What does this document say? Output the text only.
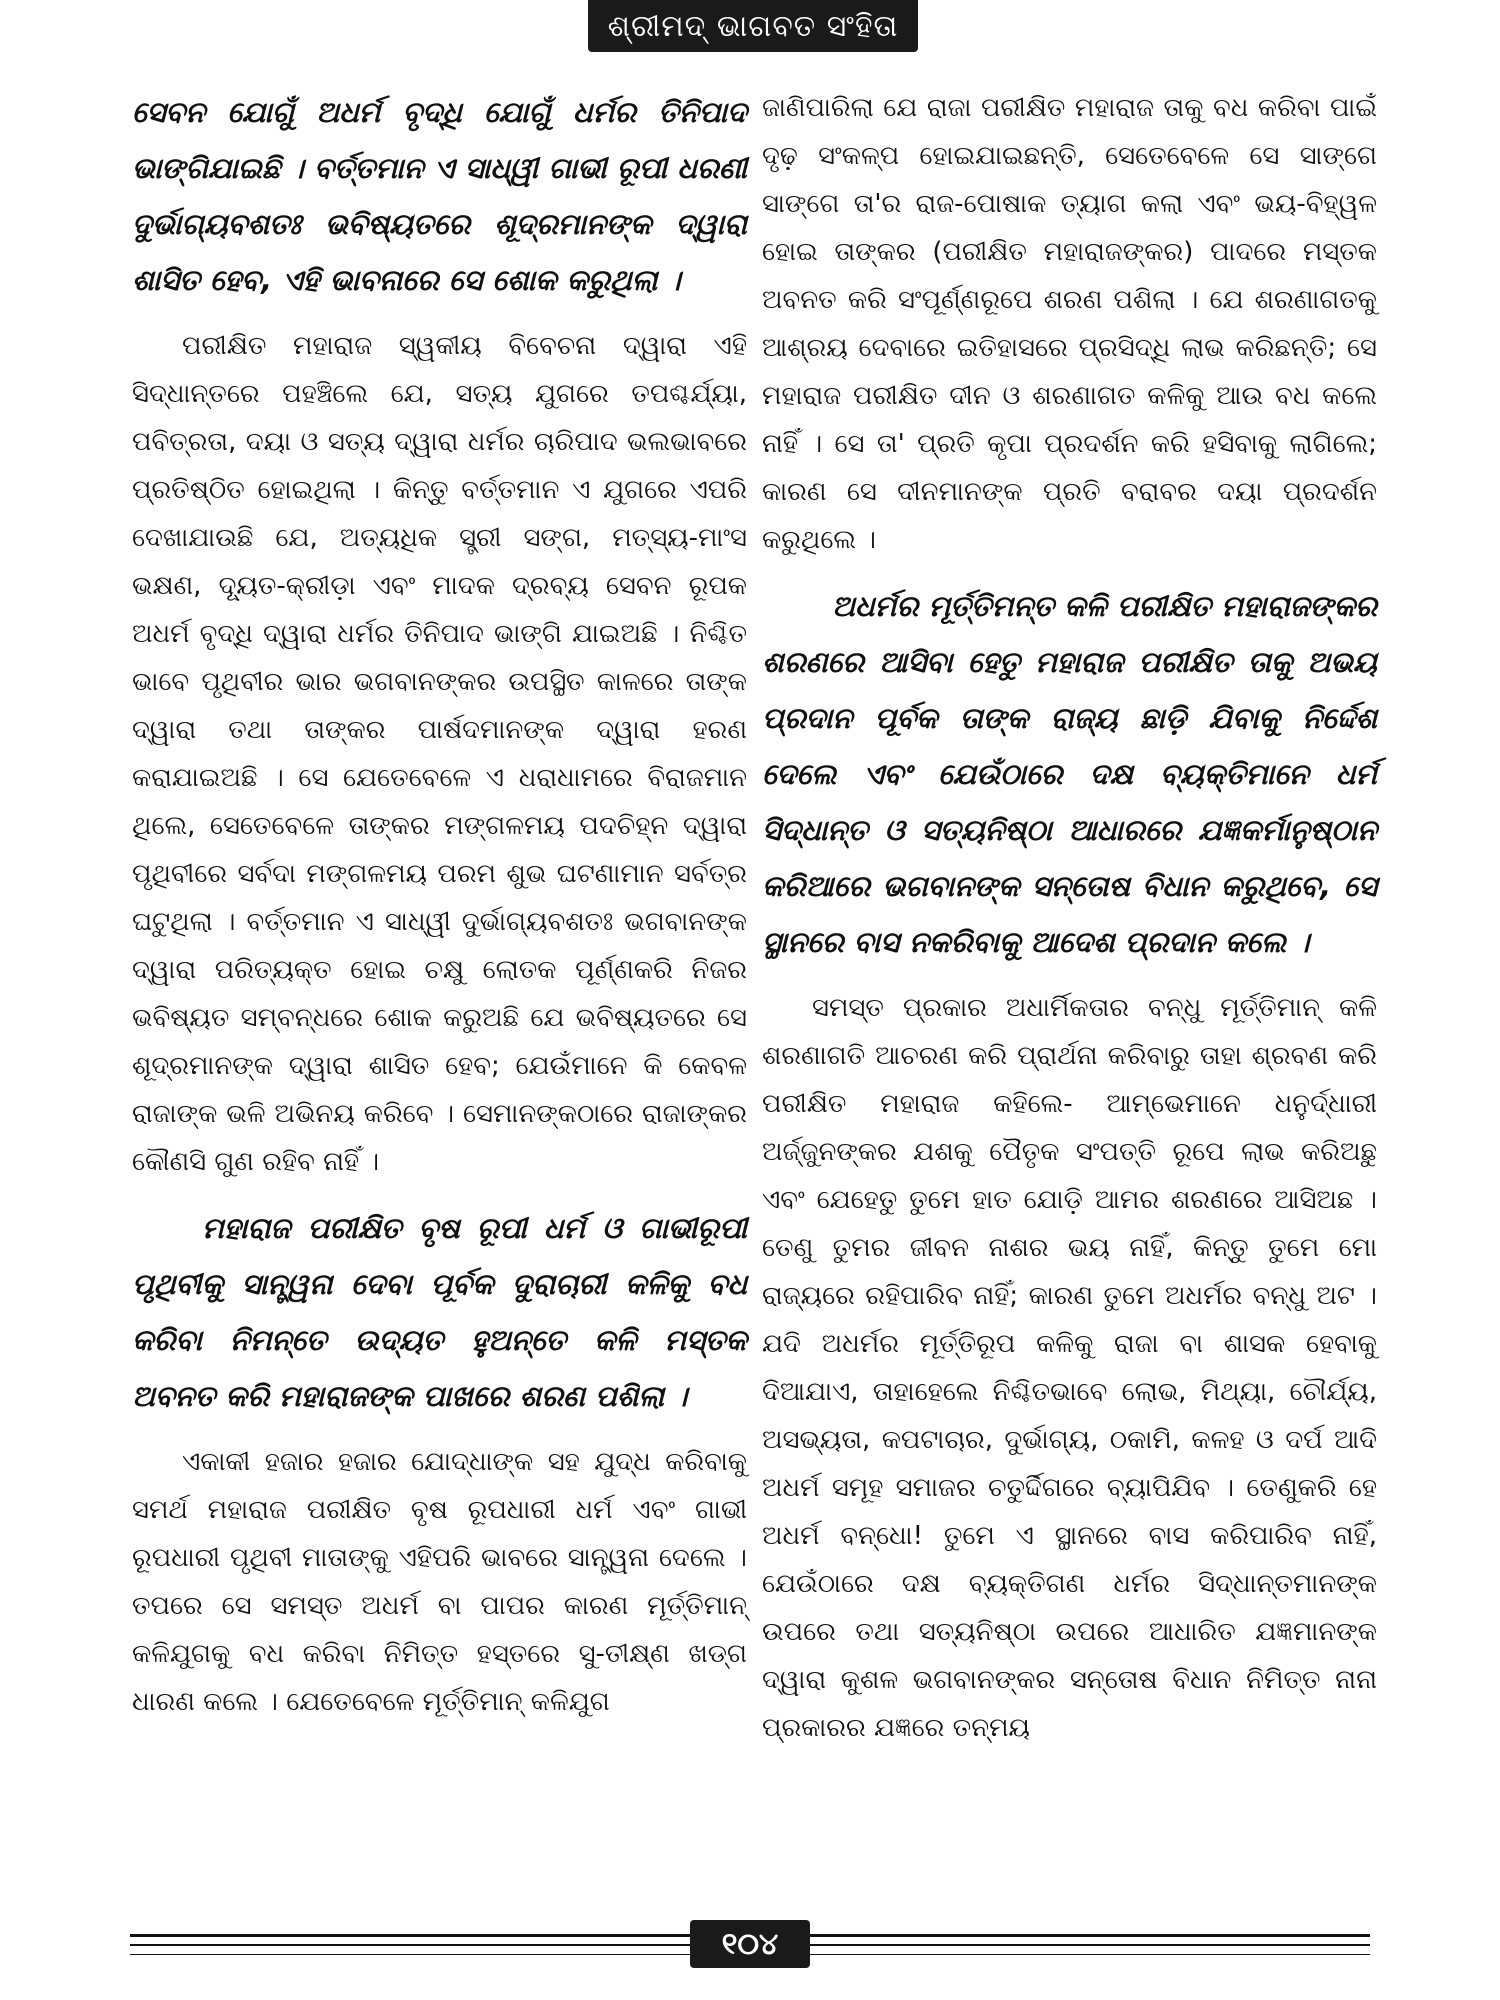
ଶ୍ରୀମଦ୍ ଭାଗବତ ସଂହିତା

ସେବନ ଯୋଗୁଁ ଅଧର୍ମ ବୃଦ୍ଧି ଯୋଗୁଁ ଧର୍ମର ତିନିପାଦ ଭାଙ୍ଗିଯାଇଛି । ବର୍ତ୍ତମାନ ଏ ସାଧ୍ୱୀ ଗାଭୀ ରୂପୀ ଧରଣୀ ଦୁର୍ଭାଗ୍ୟବଶତଃ ଭବିଷ୍ୟତରେ ଶୂଦ୍ରମାନଙ୍କ ଦ୍ୱାରା ଶାସିତ ହେବ, ଏହି ଭାବନାରେ ସେ ଶୋକ କରୁଥିଲା ।

ପରୀକ୍ଷିତ ମହାରାଜ ସ୍ୱକୀୟ ବିବେଚନା ଦ୍ୱାରା ଏହି ସିଦ୍ଧାନ୍ତରେ ପହଞ୍ଚିଲେ ଯେ, ସତ୍ୟ ଯୁଗରେ ତପଶ୍ଚର୍ଯ୍ୟା, ପବିତ୍ରତା, ଦୟା ଓ ସତ୍ୟ ଦ୍ୱାରା ଧର୍ମର ଚାରିପାଦ ଭଲଭାବରେ ପ୍ରତିଷ୍ଠିତ ହୋଇଥିଲା । କିନ୍ତୁ ବର୍ତ୍ତମାନ ଏ ଯୁଗରେ ଏପରି ଦେଖାଯାଉଛି ଯେ, ଅତ୍ୟଧିକ ସ୍ତ୍ରୀ ସଙ୍ଗ, ମତ୍ସ୍ୟ-ମାଂସ ଭକ୍ଷଣ, ଦ୍ୟୂତ-କ୍ରୀଡ଼ା ଏବଂ ମାଦକ ଦ୍ରବ୍ୟ ସେବନ ରୂପକ ଅଧର୍ମ ବୃଦ୍ଧି ଦ୍ୱାରା ଧର୍ମର ତିନିପାଦ ଭାଙ୍ଗି ଯାଇଅଛି । ନିଶ୍ଚିତ ଭାବେ ପୃଥିବୀର ଭାର ଭଗବାନଙ୍କର ଉପସ୍ଥିତ କାଳରେ ତାଙ୍କ ଦ୍ୱାରା ତଥା ତାଙ୍କର ପାର୍ଷଦମାନଙ୍କ ଦ୍ୱାରା ହରଣ କରାଯାଇଅଛି । ସେ ଯେତେବେଳେ ଏ ଧରାଧାମରେ ବିରାଜମାନ ଥିଲେ, ସେତେବେଳେ ତାଙ୍କର ମଙ୍ଗଳମୟ ପଦଚିହ୍ନ ଦ୍ୱାରା ପୃଥିବୀରେ ସର୍ବଦା ମଙ୍ଗଳମୟ ପରମ ଶୁଭ ଘଟଣାମାନ ସର୍ବତ୍ର ଘଟୁଥିଲା । ବର୍ତ୍ତମାନ ଏ ସାଧ୍ୱୀ ଦୁର୍ଭାଗ୍ୟବଶତଃ ଭଗବାନଙ୍କ ଦ୍ୱାରା ପରିତ୍ୟକ୍ତ ହୋଇ ଚକ୍ଷୁ ଲୋତକ ପୂର୍ଣ୍ଣକରି ନିଜର ଭବିଷ୍ୟତ ସମ୍ବନ୍ଧରେ ଶୋକ କରୁଅଛି ଯେ ଭବିଷ୍ୟତରେ ସେ ଶୂଦ୍ରମାନଙ୍କ ଦ୍ୱାରା ଶାସିତ ହେବ; ଯେଉଁମାନେ କି କେବଳ ରାଜାଙ୍କ ଭଳି ଅଭିନୟ କରିବେ । ସେମାନଙ୍କଠାରେ ରାଜାଙ୍କର କୌଣସି ଗୁଣ ରହିବ ନାହିଁ ।

ମହାରାଜ ପରୀକ୍ଷିତ ବୃଷ ରୂପୀ ଧର୍ମ ଓ ଗାଭୀରୂପୀ ପୃଥିବୀକୁ ସାନ୍ତ୍ୱନା ଦେବା ପୂର୍ବକ ଦୁରାଚାରୀ କଳିକୁ ବଧ କରିବା ନିମନ୍ତେ ଉଦ୍ୟତ ହୁଅନ୍ତେ କଳି ମସ୍ତକ ଅବନତ କରି ମହାରାଜଙ୍କ ପାଖରେ ଶରଣ ପଶିଲା ।

ଏକାକୀ ହଜାର ହଜାର ଯୋଦ୍ଧାଙ୍କ ସହ ଯୁଦ୍ଧ କରିବାକୁ ସମର୍ଥ ମହାରାଜ ପରୀକ୍ଷିତ ବୃଷ ରୂପଧାରୀ ଧର୍ମ ଏବଂ ଗାଭୀ ରୂପଧାରୀ ପୃଥିବୀ ମାତାଙ୍କୁ ଏହିପରି ଭାବରେ ସାନ୍ତ୍ୱନା ଦେଲେ । ତପରେ ସେ ସମସ୍ତ ଅଧର୍ମ ବା ପାପର କାରଣ ମୂର୍ତ୍ତିମାନ୍ କଳିଯୁଗକୁ ବଧ କରିବା ନିମିତ୍ତ ହସ୍ତରେ ସୁ-ତୀକ୍ଷ୍ଣ ଖଡ୍ଗ ଧାରଣ କଲେ । ଯେତେବେଳେ ମୂର୍ତ୍ତିମାନ୍ କଳିଯୁଗ

ଜାଣିପାରିଲା ଯେ ରାଜା ପରୀକ୍ଷିତ ମହାରାଜ ତାକୁ ବଧ କରିବା ପାଇଁ ଦୃଢ଼ ସଂକଳ୍ପ ହୋଇଯାଇଛନ୍ତି, ସେତେବେଳେ ସେ ସାଙ୍ଗେ ସାଙ୍ଗେ ତା'ର ରାଜ-ପୋଷାକ ତ୍ୟାଗ କଲା ଏବଂ ଭୟ-ବିହ୍ୱଳ ହୋଇ ତାଙ୍କର (ପରୀକ୍ଷିତ ମହାରାଜଙ୍କର) ପାଦରେ ମସ୍ତକ ଅବନତ କରି ସଂପୂର୍ଣ୍ଣରୂପେ ଶରଣ ପଶିଲା । ଯେ ଶରଣାଗତକୁ ଆଶ୍ରୟ ଦେବାରେ ଇତିହାସରେ ପ୍ରସିଦ୍ଧି ଲାଭ କରିଛନ୍ତି; ସେ ମହାରାଜ ପରୀକ୍ଷିତ ଦୀନ ଓ ଶରଣାଗତ କଳିକୁ ଆଉ ବଧ କଲେ ନାହିଁ । ସେ ତା' ପ୍ରତି କୃପା ପ୍ରଦର୍ଶନ କରି ହସିବାକୁ ଲାଗିଲେ; କାରଣ ସେ ଦୀନମାନଙ୍କ ପ୍ରତି ବରାବର ଦୟା ପ୍ରଦର୍ଶନ କରୁଥିଲେ ।

ଅଧର୍ମର ମୂର୍ତ୍ତିମନ୍ତ କଳି ପରୀକ୍ଷିତ ମହାରାଜଙ୍କର ଶରଣରେ ଆସିବା ହେତୁ ମହାରାଜ ପରୀକ୍ଷିତ ତାକୁ ଅଭୟ ପ୍ରଦାନ ପୂର୍ବକ ତାଙ୍କ ରାଜ୍ୟ ଛାଡ଼ି ଯିବାକୁ ନିର୍ଦ୍ଦେଶ ଦେଲେ ଏବଂ ଯେଉଁଠାରେ ଦକ୍ଷ ବ୍ୟକ୍ତିମାନେ ଧର୍ମ ସିଦ୍ଧାନ୍ତ ଓ ସତ୍ୟନିଷ୍ଠା ଆଧାରରେ ଯଜ୍ଞକର୍ମାନୁଷ୍ଠାନ କରିଆରେ ଭଗବାନଙ୍କ ସନ୍ତୋଷ ବିଧାନ କରୁଥିବେ, ସେ ସ୍ଥାନରେ ବାସ ନକରିବାକୁ ଆଦେଶ ପ୍ରଦାନ କଲେ ।

ସମସ୍ତ ପ୍ରକାର ଅଧାର୍ମିକତାର ବନ୍ଧୁ ମୂର୍ତ୍ତିମାନ୍ କଳି ଶରଣାଗତି ଆଚରଣ କରି ପ୍ରାର୍ଥନା କରିବାରୁ ତାହା ଶ୍ରବଣ କରି ପରୀକ୍ଷିତ ମହାରାଜ କହିଲେ- ଆମ୍ଭେମାନେ ଧନୁର୍ଦ୍ଧାରୀ ଅର୍ଜ୍ଜୁନଙ୍କର ଯଶକୁ ପୈତୃକ ସଂପତ୍ତି ରୂପେ ଲାଭ କରିଅଛୁ ଏବଂ ଯେହେତୁ ତୁମେ ହାତ ଯୋଡ଼ି ଆମର ଶରଣରେ ଆସିଅଛ । ତେଣୁ ତୁମର ଜୀବନ ନାଶର ଭୟ ନାହିଁ, କିନ୍ତୁ ତୁମେ ମୋ ରାଜ୍ୟରେ ରହିପାରିବ ନାହିଁ; କାରଣ ତୁମେ ଅଧର୍ମର ବନ୍ଧୁ ଅଟ । ଯଦି ଅଧର୍ମର ମୂର୍ତ୍ତିରୂପ କଳିକୁ ରାଜା ବା ଶାସକ ହେବାକୁ ଦିଆଯାଏ, ତାହାହେଲେ ନିଶ୍ଚିତଭାବେ ଲୋଭ, ମିଥ୍ୟା, ଚୌର୍ଯ୍ୟ, ଅସଭ୍ୟତା, କପଟାଚାର, ଦୁର୍ଭାଗ୍ୟ, ଠକାମି, କଳହ ଓ ଦର୍ପ ଆଦି ଅଧର୍ମ ସମୂହ ସମାଜର ଚତୁର୍ଦ୍ଦିଗରେ ବ୍ୟାପିଯିବ । ତେଣୁକରି ହେ ଅଧର୍ମ ବନ୍ଧୋ! ତୁମେ ଏ ସ୍ଥାନରେ ବାସ କରିପାରିବ ନାହିଁ, ଯେଉଁଠାରେ ଦକ୍ଷ ବ୍ୟକ୍ତିଗଣ ଧର୍ମର ସିଦ୍ଧାନ୍ତମାନଙ୍କ ଉପରେ ତଥା ସତ୍ୟନିଷ୍ଠା ଉପରେ ଆଧାରିତ ଯଜ୍ଞମାନଙ୍କ ଦ୍ୱାରା କୁଶଳ ଭଗବାନଙ୍କର ସନ୍ତୋଷ ବିଧାନ ନିମିତ୍ତ ନାନା ପ୍ରକାରର ଯଜ୍ଞରେ ତନ୍ମୟ

୧୦୪
